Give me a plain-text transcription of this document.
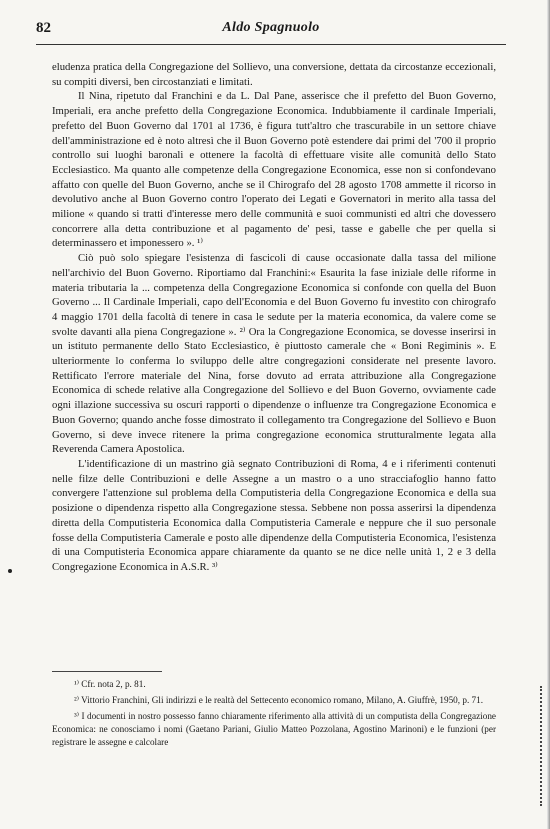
82	Aldo Spagnuolo

eludenza pratica della Congregazione del Sollievo, una conversione, dettata da circostanze eccezionali, su compiti diversi, ben circostanziati e limitati.

Il Nina, ripetuto dal Franchini e da L. Dal Pane, asserisce che il prefetto del Buon Governo, Imperiali, era anche prefetto della Congregazione Economica. Indubbiamente il cardinale Imperiali, prefetto del Buon Governo dal 1701 al 1736, è figura tutt'altro che trascurabile in un settore chiave dell'amministrazione ed è noto altresì che il Buon Governo potè estendere dai primi del '700 il proprio controllo sui luoghi baronali e ottenere la facoltà di effettuare visite alle comunità dello Stato Ecclesiastico. Ma quanto alle competenze della Congregazione Economica, esse non si confondevano affatto con quelle del Buon Governo, anche se il Chirografo del 28 agosto 1708 ammette il ricorso in devolutivo anche al Buon Governo contro l'operato dei Legati e Governatori in merito alla tassa del milione « quando si tratti d'interesse mero delle communità e suoi communisti ed altri che dovessero concorrere alla detta contribuzione et al pagamento de' pesi, tasse e gabelle che per quella si determinassero et imponessero ». ¹⁾

Ciò può solo spiegare l'esistenza di fascicoli di cause occasionate dalla tassa del milione nell'archivio del Buon Governo. Riportiamo dal Franchini:« Esaurita la fase iniziale delle riforme in materia tributaria la ... competenza della Congregazione Economica si confonde con quella del Buon Governo ... Il Cardinale Imperiali, capo dell'Economia e del Buon Governo fu investito con chirografo 4 maggio 1701 della facoltà di tenere in casa le sedute per la materia economica, da valere come se svolte davanti alla piena Congregazione ». ²⁾ Ora la Congregazione Economica, se dovesse inserirsi in un istituto permanente dello Stato Ecclesiastico, è piuttosto camerale che « Boni Regiminis ». E ulteriormente lo conferma lo sviluppo delle altre congregazioni considerate nel presente lavoro. Rettificato l'errore materiale del Nina, forse dovuto ad errata attribuzione alla Congregazione Economica di schede relative alla Congregazione del Sollievo e del Buon Governo, ovviamente cade ogni illazione successiva su oscuri rapporti o dipendenze o influenze tra Congregazione Economica e Buon Governo; quando anche fosse dimostrato il collegamento tra Congregazione del Sollievo e Buon Governo, si deve invece ritenere la prima congregazione economica strutturalmente legata alla Reverenda Camera Apostolica.

L'identificazione di un mastrino già segnato Contribuzioni di Roma, 4 e i riferimenti contenuti nelle filze delle Contribuzioni e delle Assegne a un mastro o a uno stracciafoglio hanno fatto convergere l'attenzione sul problema della Computisteria della Congregazione Economica e della sua posizione o dipendenza rispetto alla Congregazione stessa. Sebbene non possa asserirsi la dipendenza diretta della Computisteria Economica dalla Computisteria Camerale e neppure che il suo personale fosse della Computisteria Camerale e posto alle dipendenze della Computisteria Economica, l'esistenza di una Computisteria Economica appare chiaramente da quanto se ne dice nelle unità 1, 2 e 3 della Congregazione Economica in A.S.R. ³⁾

¹⁾ Cfr. nota 2, p. 81.

²⁾ Vittorio Franchini, Gli indirizzi e le realtà del Settecento economico romano, Milano, A. Giuffrè, 1950, p. 71.

³⁾ I documenti in nostro possesso fanno chiaramente riferimento alla attività di un computista della Congregazione Economica: ne conosciamo i nomi (Gaetano Pariani, Giulio Matteo Pozzolana, Agostino Marinoni) e le funzioni (per registrare le assegne e calcolare
